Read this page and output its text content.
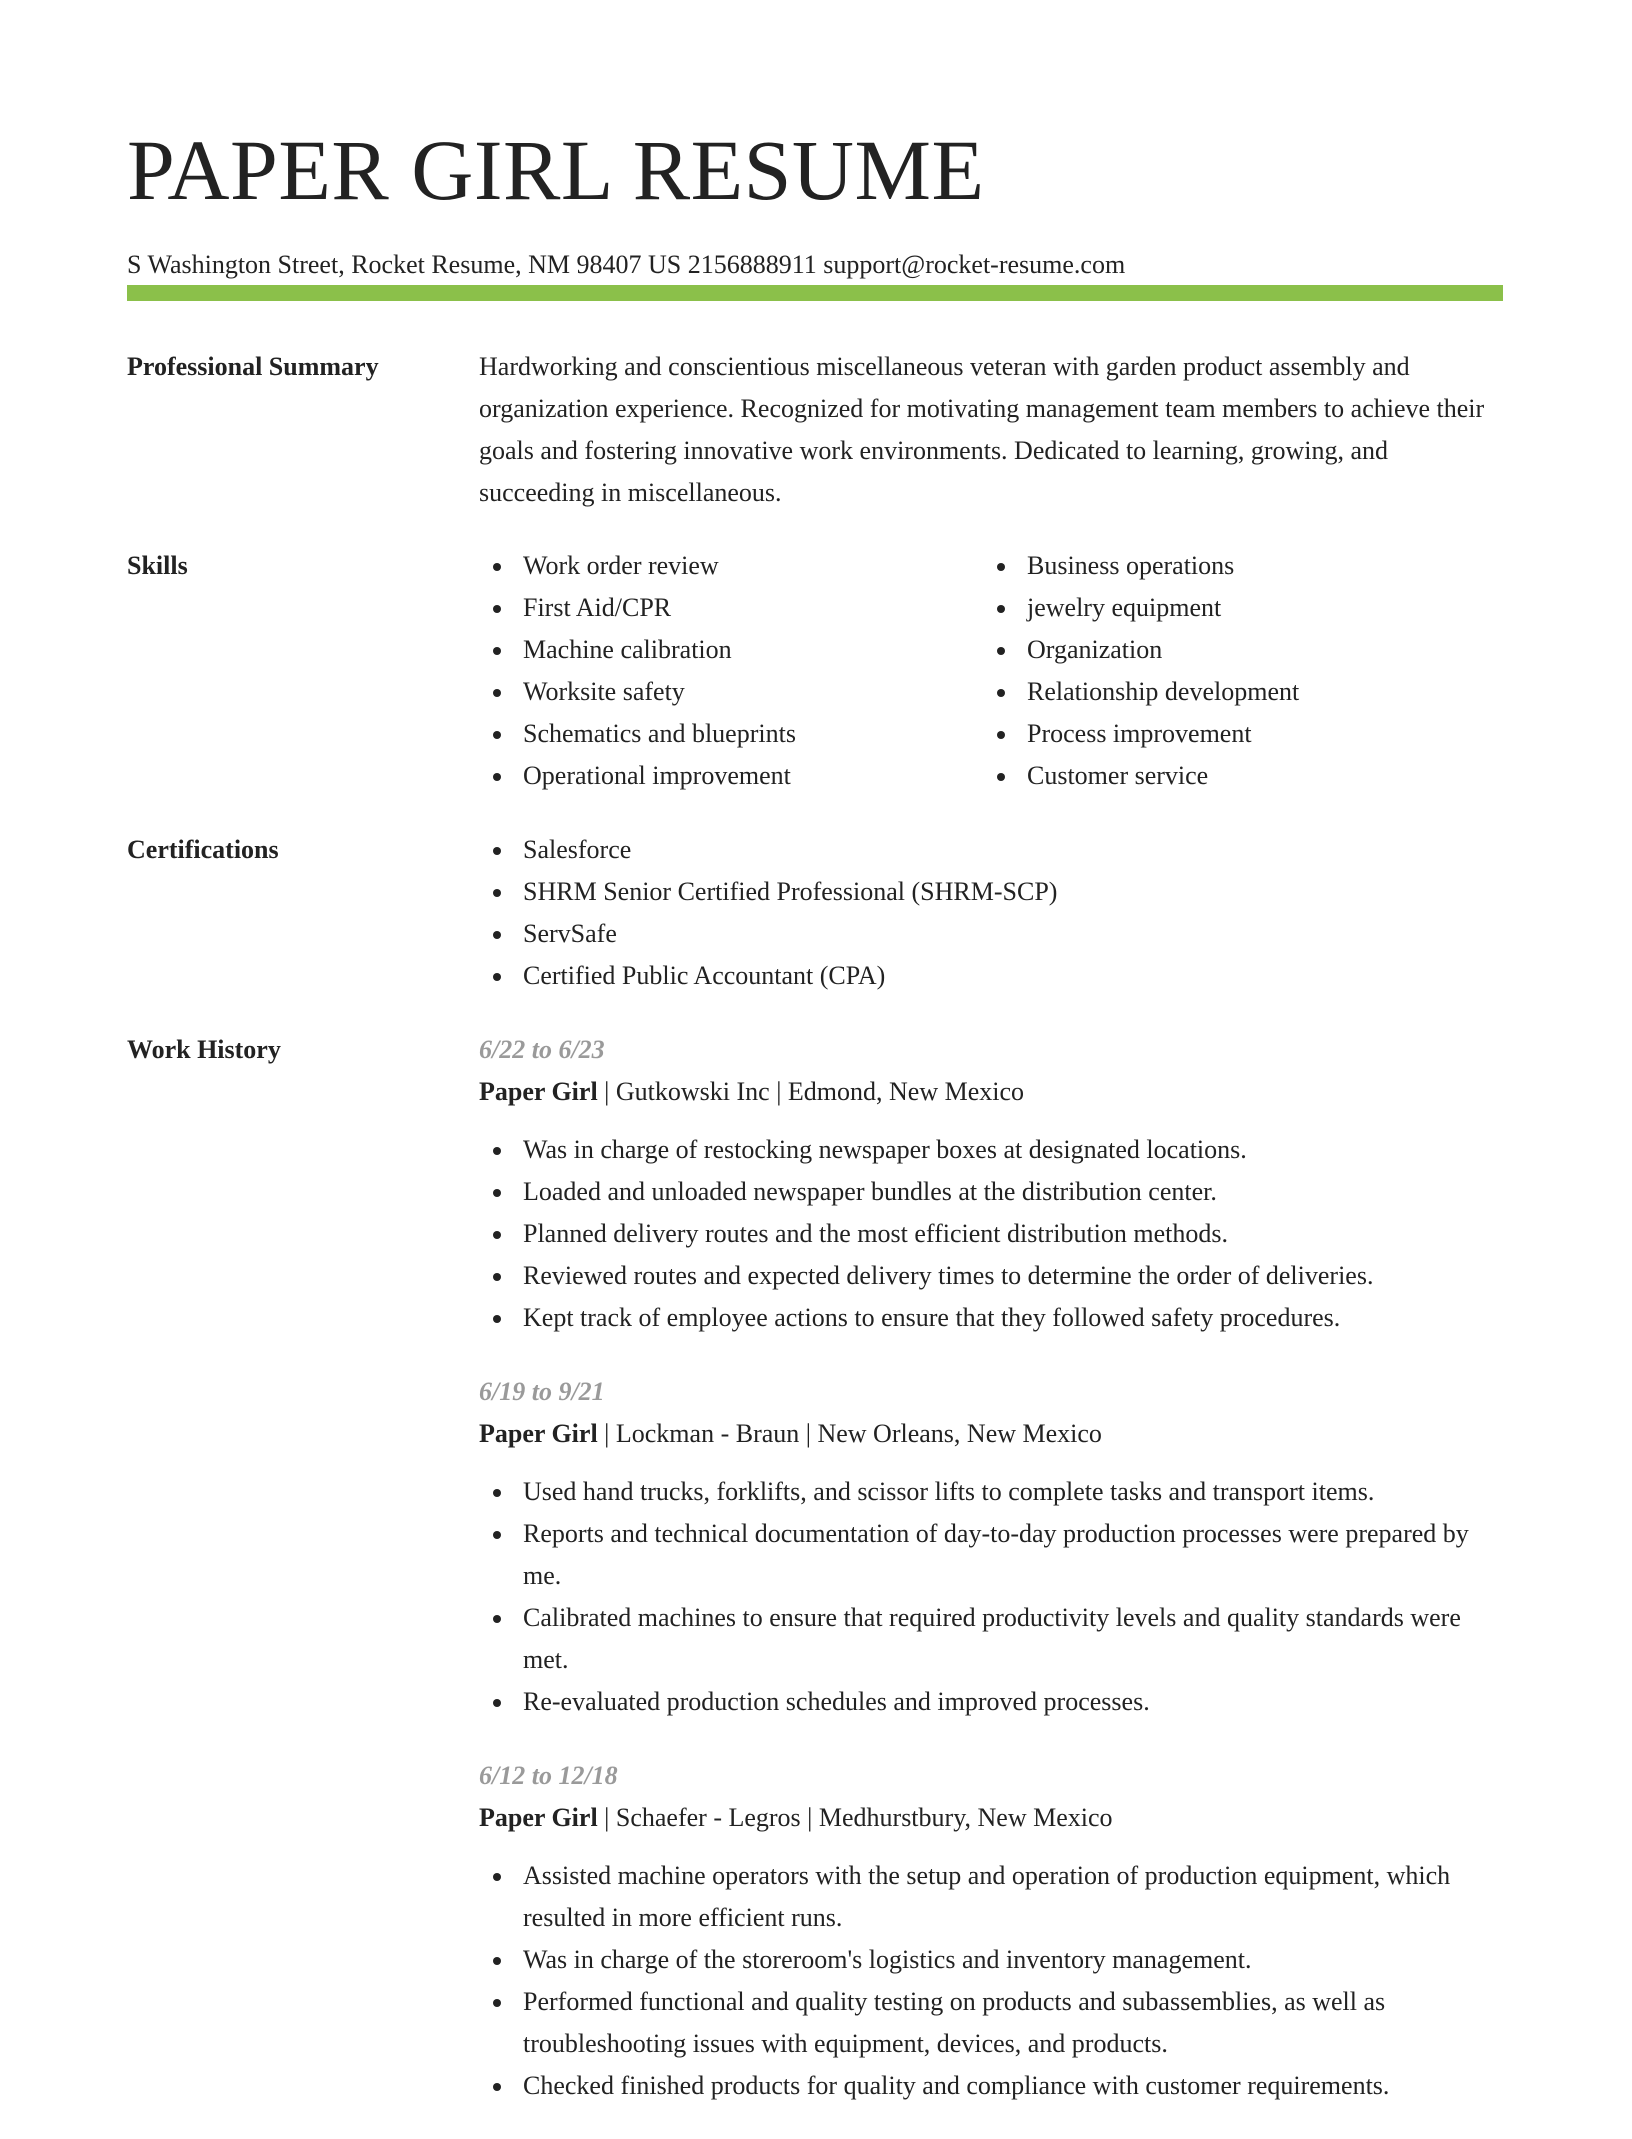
PAPER GIRL RESUME
S Washington Street, Rocket Resume, NM 98407 US 2156888911 support@rocket-resume.com
Professional Summary	Hardworking and conscientious miscellaneous veteran with garden product assembly and organization experience. Recognized for motivating management team members to achieve their goals and fostering innovative work environments. Dedicated to learning, growing, and succeeding in miscellaneous.

Skills	Work order review
First Aid/CPR
Machine calibration
Worksite safety
Schematics and blueprints
Operational improvement
Business operations
jewelry equipment
Organization
Relationship development
Process improvement
Customer service
Certifications	Salesforce
SHRM Senior Certified Professional (SHRM-SCP)
ServSafe
Certified Public Accountant (CPA)
Work History	6/22 to 6/23
Paper Girl | Gutkowski Inc | Edmond, New Mexico
Was in charge of restocking newspaper boxes at designated locations.
Loaded and unloaded newspaper bundles at the distribution center.
Planned delivery routes and the most efficient distribution methods.
Reviewed routes and expected delivery times to determine the order of deliveries.
Kept track of employee actions to ensure that they followed safety procedures.
6/19 to 9/21
Paper Girl | Lockman - Braun | New Orleans, New Mexico
Used hand trucks, forklifts, and scissor lifts to complete tasks and transport items.
Reports and technical documentation of day-to-day production processes were prepared by me.
Calibrated machines to ensure that required productivity levels and quality standards were met.
Re-evaluated production schedules and improved processes.
6/12 to 12/18
Paper Girl | Schaefer - Legros | Medhurstbury, New Mexico
Assisted machine operators with the setup and operation of production equipment, which resulted in more efficient runs.
Was in charge of the storeroom's logistics and inventory management.
Performed functional and quality testing on products and subassemblies, as well as troubleshooting issues with equipment, devices, and products.
Checked finished products for quality and compliance with customer requirements.
